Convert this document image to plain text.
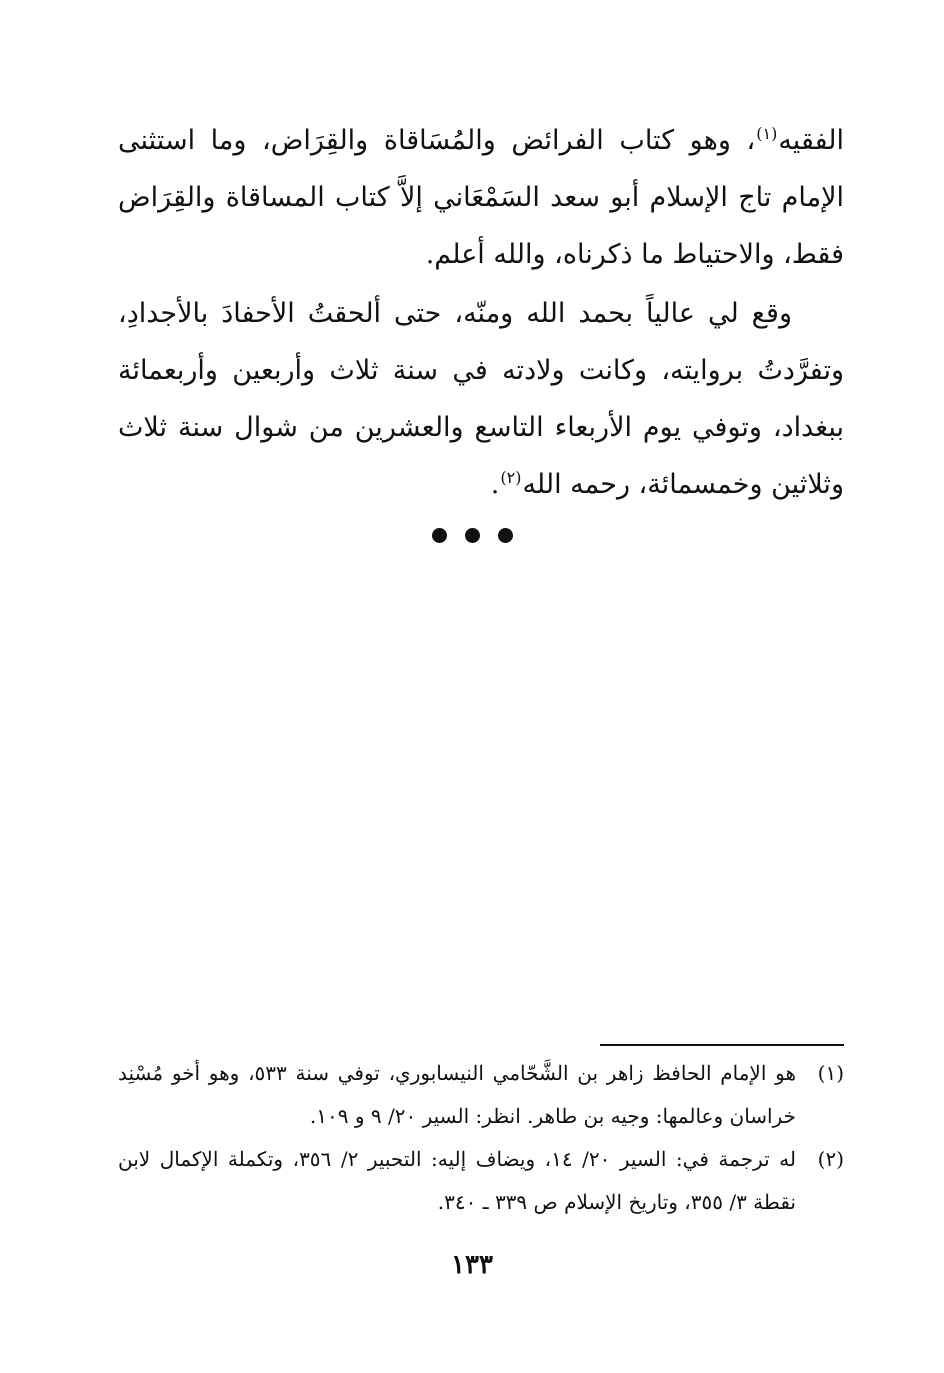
الفقيه$^{(١)}$، وهو كتاب الفرائض والمُسَاقاة والقِرَاض، وما استثنى الإمام تاج الإسلام أبو سعد السَمْعَاني إلاَّ كتاب المساقاة والقِرَاض فقط، والاحتياط ما ذكرناه، والله أعلم.

وقع لي عالياً بحمد الله ومنّه، حتى ألحقتُ الأحفادَ بالأجدادِ، وتفرَّدتُ بروايته، وكانت ولادته في سنة ثلاث وأربعين وأربعمائة ببغداد، وتوفي يوم الأربعاء التاسع والعشرين من شوال سنة ثلاث وثلاثين وخمسمائة، رحمه الله$^{(٢)}$.

(١)
هو الإمام الحافظ زاهر بن الشَّحّامي النيسابوري، توفي سنة ٥٣٣، وهو أخو مُسْنِد خراسان وعالمها: وجيه بن طاهر. انظر: السير ٢٠/ ٩ و ١٠٩.
(٢)
له ترجمة في: السير ٢٠/ ١٤، ويضاف إليه: التحبير ٢/ ٣٥٦، وتكملة الإكمال لابن نقطة ٣/ ٣٥٥، وتاريخ الإسلام ص ٣٣٩ ـ ٣٤٠.
١٣٣
